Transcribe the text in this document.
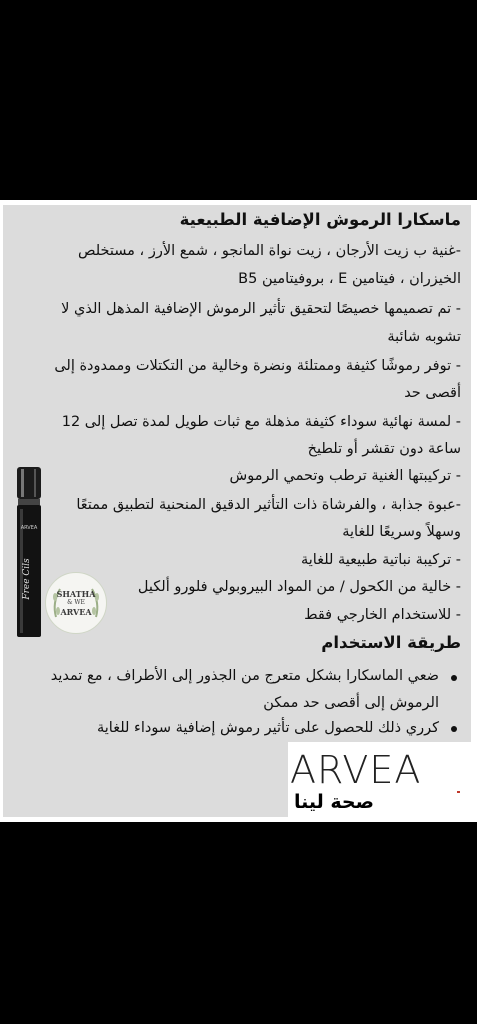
ماسكارا الرموش الإضافية الطبيعية
-غنية ب زيت الأرجان ، زيت نواة المانجو ، شمع الأرز ، مستخلص
الخيزران ، فيتامين E ، بروفيتامين B5
- تم تصميمها خصيصًا لتحقيق تأثير الرموش الإضافية المذهل الذي لا
تشوبه شائبة
- توفر رموشًا كثيفة وممتلئة ونضرة وخالية من التكتلات وممدودة إلى
أقصى حد
- لمسة نهائية سوداء كثيفة مذهلة مع ثبات طويل لمدة تصل إلى 12
ساعة دون تقشر أو تلطيخ
- تركيبتها الغنية ترطب وتحمي الرموش
-عبوة جذابة ، والفرشاة ذات التأثير الدقيق المنحنية لتطبيق ممتعًا
وسهلاً وسريعًا للغاية
- تركيبة نباتية طبيعية للغاية
- خالية من الكحول / من المواد البيروبولي فلورو ألكيل
- للاستخدام الخارجي فقط
طريقة الاستخدام
ضعي الماسكارا بشكل متعرج من الجذور إلى الأطراف ، مع تمديد
الرموش إلى أقصى حد ممكن
كرري ذلك للحصول على تأثير رموش إضافية سوداء للغاية
ARVEA
Free Cils	SHATHA
& WE
ARVEA
ARVEA
صحة لينا
